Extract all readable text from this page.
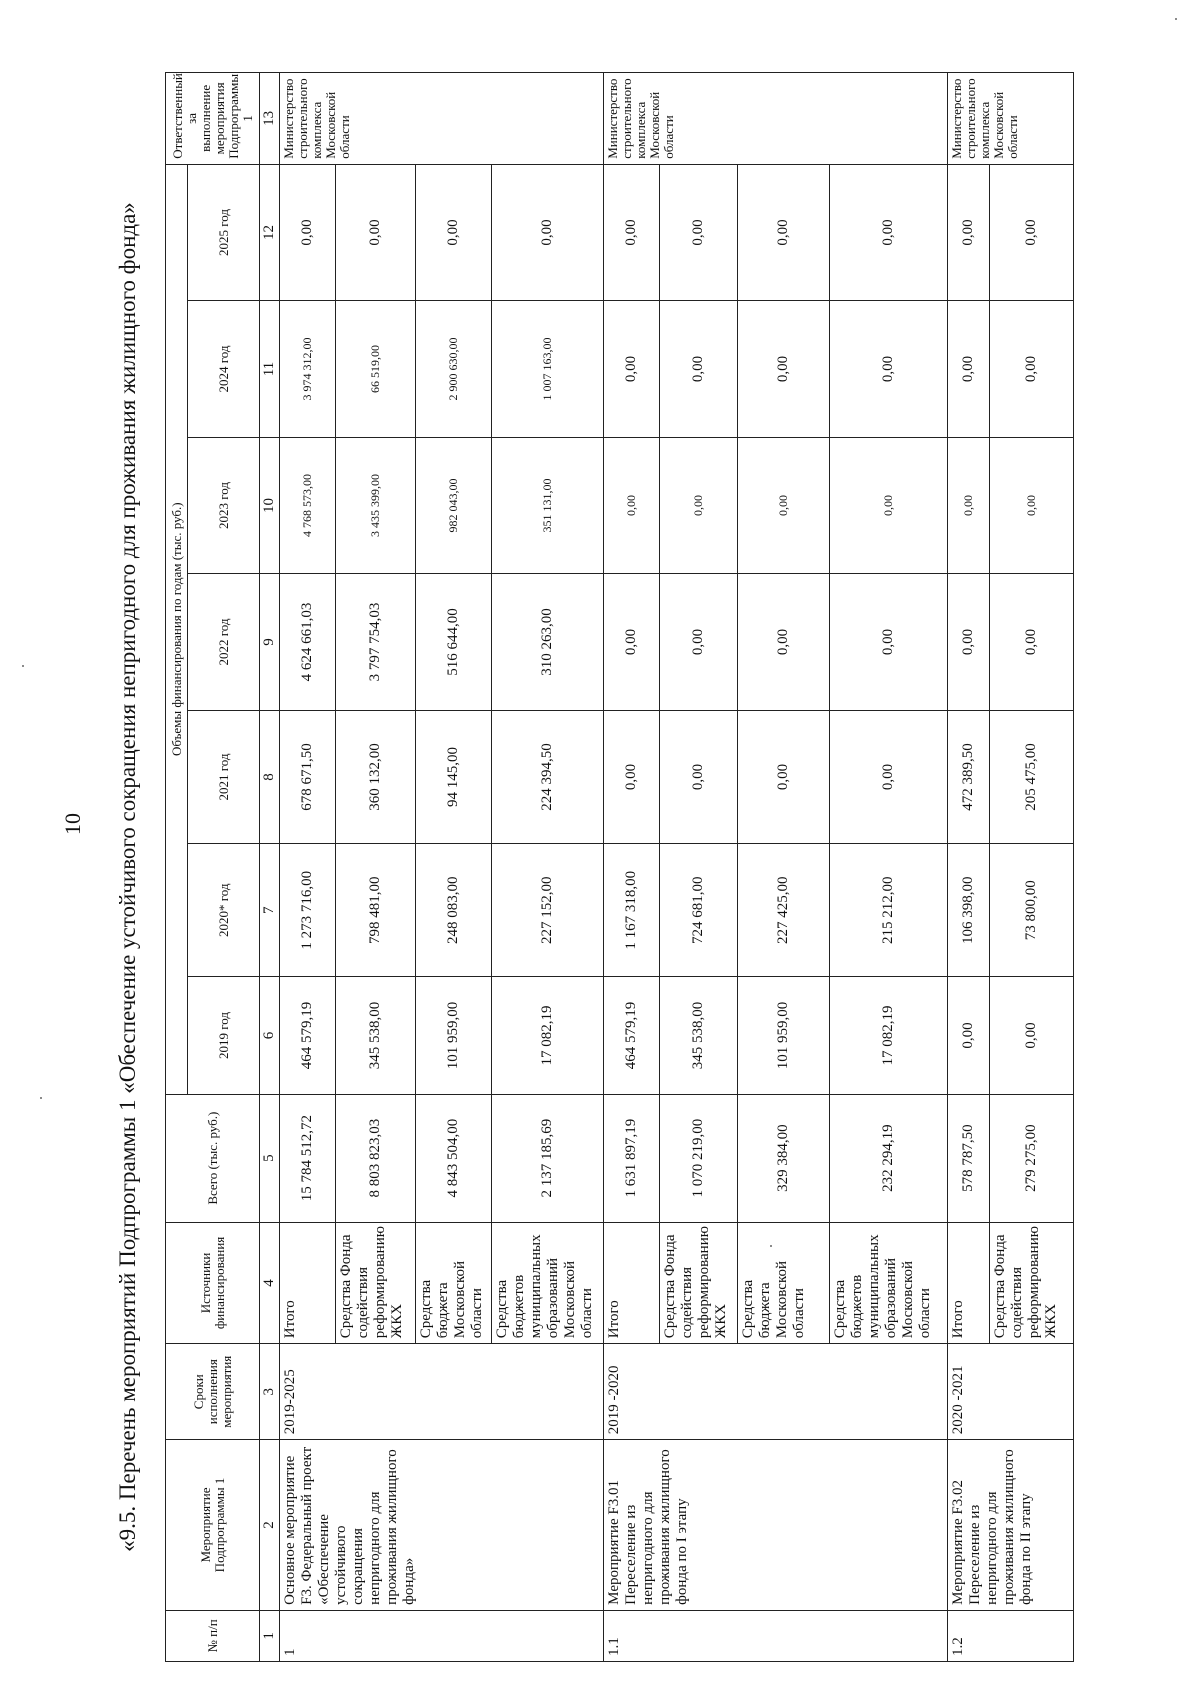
10 «9.5. Перечень мероприятий Подпрограммы 1 «Обеспечение устойчивого сокращения непригодного для проживания жилищного фонда»
№ п/п	Мероприятие Подпрограммы 1	Сроки исполнения мероприятия	Источники финансирования	Всего (тыс. руб.)	Объемы финансирования по годам (тыс. руб.)							Ответственный за выполнение мероприятия Подпрограммы 1
					2019 год	2020* год	2021 год	2022 год	2023 год	2024 год	2025 год	
1	2	3	4	5	6	7	8	9	10	11	12	13
1	Основное мероприятие F3. Федеральный проект «Обеспечение устойчивого сокращения непригодного для проживания жилищного фонда»	2019-2025	Итого	15 784 512,72	464 579,19	1 273 716,00	678 671,50	4 624 661,03	4 768 573,00	3 974 312,00	0,00	Министерство строительного комплекса Московской области
			Средства Фонда содействия реформированию ЖКХ	8 803 823,03	345 538,00	798 481,00	360 132,00	3 797 754,03	3 435 399,00	66 519,00	0,00	
			Средства бюджета Московской области	4 843 504,00	101 959,00	248 083,00	94 145,00	516 644,00	982 043,00	2 900 630,00	0,00	
			Средства бюджетов муниципальных образований Московской области	2 137 185,69	17 082,19	227 152,00	224 394,50	310 263,00	351 131,00	1 007 163,00	0,00	
1.1	Мероприятие F3.01 Переселение из непригодного для проживания жилищного фонда по I этапу	2019 -2020	Итого	1 631 897,19	464 579,19	1 167 318,00	0,00	0,00	0,00	0,00	0,00	Министерство строительного комплекса Московской области
			Средства Фонда содействия реформированию ЖКХ	1 070 219,00	345 538,00	724 681,00	0,00	0,00	0,00	0,00	0,00	
			Средства бюджета Московской области	329 384,00	101 959,00	227 425,00	0,00	0,00	0,00	0,00	0,00	
			Средства бюджетов муниципальных образований Московской области	232 294,19	17 082,19	215 212,00	0,00	0,00	0,00	0,00	0,00	
1.2	Мероприятие F3.02 Переселение из непригодного для проживания жилищного фонда по II этапу	2020 -2021	Итого	578 787,50	0,00	106 398,00	472 389,50	0,00	0,00	0,00	0,00	Министерство строительного комплекса Московской области
			Средства Фонда содействия реформированию ЖКХ	279 275,00	0,00	73 800,00	205 475,00	0,00	0,00	0,00	0,00	
